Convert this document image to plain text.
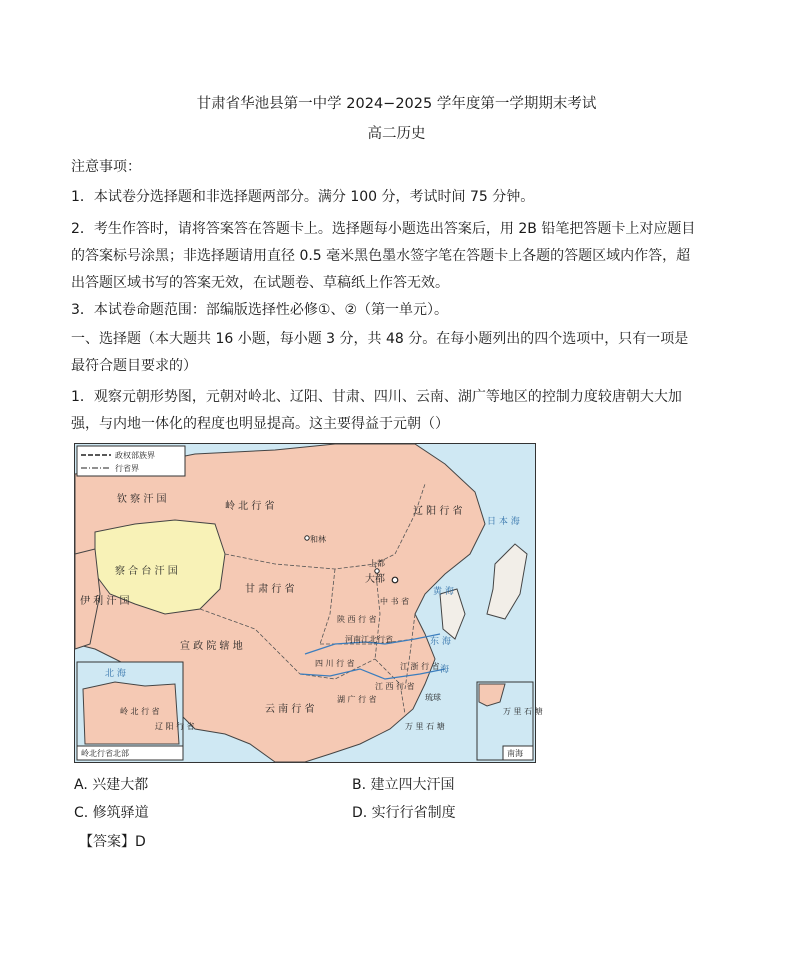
甘肃省华池县第一中学 2024−2025 学年度第一学期期末考试
高二历史
注意事项：
1．本试卷分选择题和非选择题两部分。满分 100 分，考试时间 75 分钟。
2．考生作答时，请将答案答在答题卡上。选择题每小题选出答案后，用 2B 铅笔把答题卡上对应题目
的答案标号涂黑；非选择题请用直径 0.5 毫米黑色墨水签字笔在答题卡上各题的答题区域内作答，超
出答题区域书写的答案无效，在试题卷、草稿纸上作答无效。
3．本试卷命题范围：部编版选择性必修①、②（第一单元）。
一、选择题（本大题共 16 小题，每小题 3 分，共 48 分。在每小题列出的四个选项中，只有一项是
最符合题目要求的）
1．观察元朝形势图，元朝对岭北、辽阳、甘肃、四川、云南、湖广等地区的控制力度较唐朝大大加
强，与内地一体化的程度也明显提高。这主要得益于元朝（）
政权部族界
行省界
钦 察 汗 国
岭 北 行 省
和林
察 合 台 汗 国
甘 肃 行 省
上都
大都
中 书 省
陕 西 行 省
宣 政 院 辖 地
河南江北行省
四 川 行 省	江 浙 行 省
江 西 行 省
湖 广 行 省
云 南 行 省
琉球
万 里 石 塘
辽 阳 行 省
伊 利 汗 国
日 本 海
黄 海
东 海
海
北 海
岭 北 行 省
辽 阳 行 省
岭北行省北部
万 里 石 塘
南海
A. 兴建大都	B. 建立四大汗国
C. 修筑驿道	D. 实行行省制度
【答案】D
